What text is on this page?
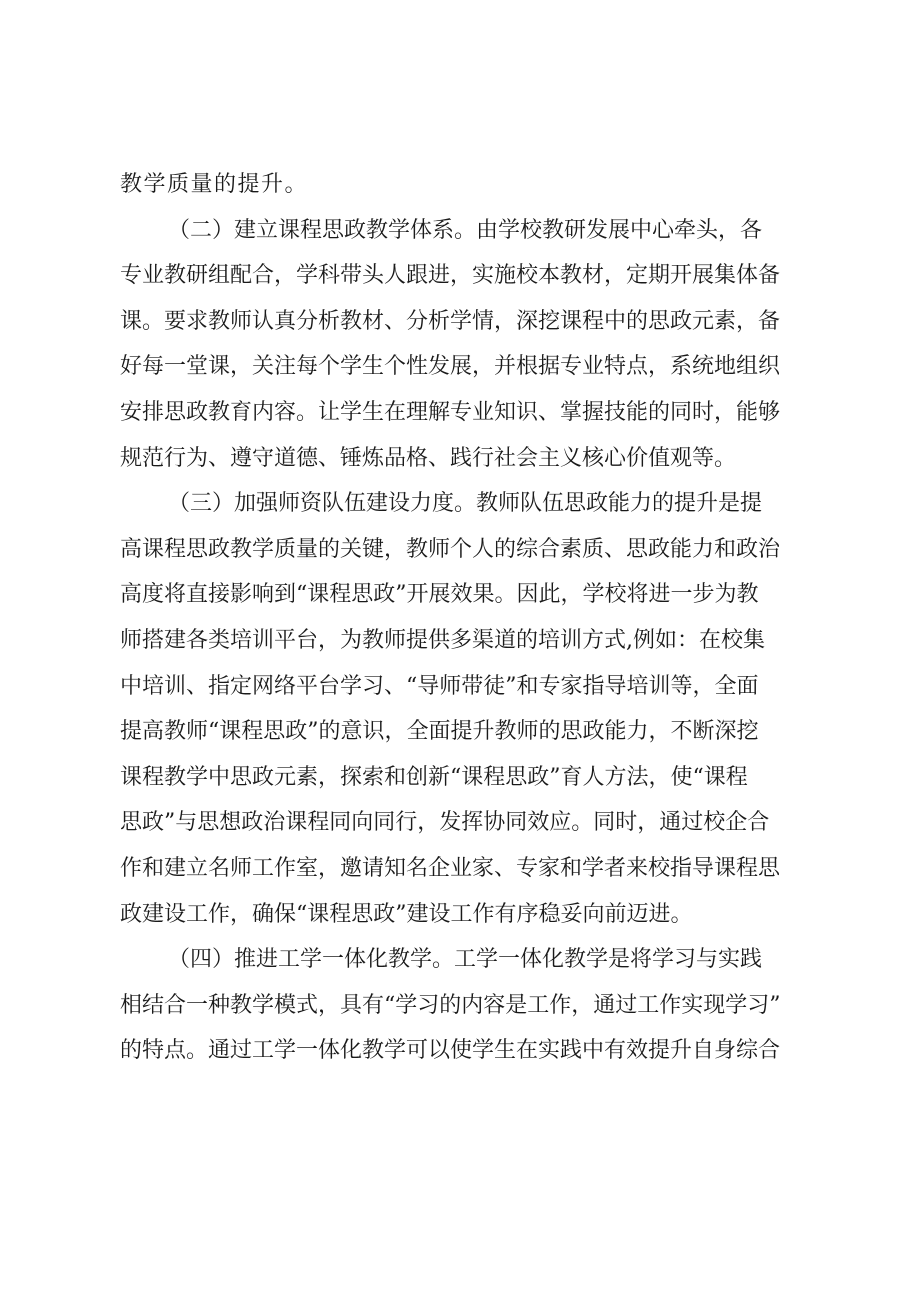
教学质量的提升。
（二）建立课程思政教学体系。由学校教研发展中心牵头，各
专业教研组配合，学科带头人跟进，实施校本教材，定期开展集体备
课。要求教师认真分析教材、分析学情，深挖课程中的思政元素，备
好每一堂课，关注每个学生个性发展，并根据专业特点，系统地组织
安排思政教育内容。让学生在理解专业知识、掌握技能的同时，能够
规范行为、遵守道德、锤炼品格、践行社会主义核心价值观等。
（三）加强师资队伍建设力度。教师队伍思政能力的提升是提
高课程思政教学质量的关键，教师个人的综合素质、思政能力和政治
高度将直接影响到“课程思政”开展效果。因此，学校将进一步为教
师搭建各类培训平台，为教师提供多渠道的培训方式,例如：在校集
中培训、指定网络平台学习、“导师带徒”和专家指导培训等，全面
提高教师“课程思政”的意识，全面提升教师的思政能力，不断深挖
课程教学中思政元素，探索和创新“课程思政”育人方法，使“课程
思政”与思想政治课程同向同行，发挥协同效应。同时，通过校企合
作和建立名师工作室，邀请知名企业家、专家和学者来校指导课程思
政建设工作，确保“课程思政”建设工作有序稳妥向前迈进。
（四）推进工学一体化教学。工学一体化教学是将学习与实践
相结合一种教学模式，具有“学习的内容是工作，通过工作实现学习”
的特点。通过工学一体化教学可以使学生在实践中有效提升自身综合
